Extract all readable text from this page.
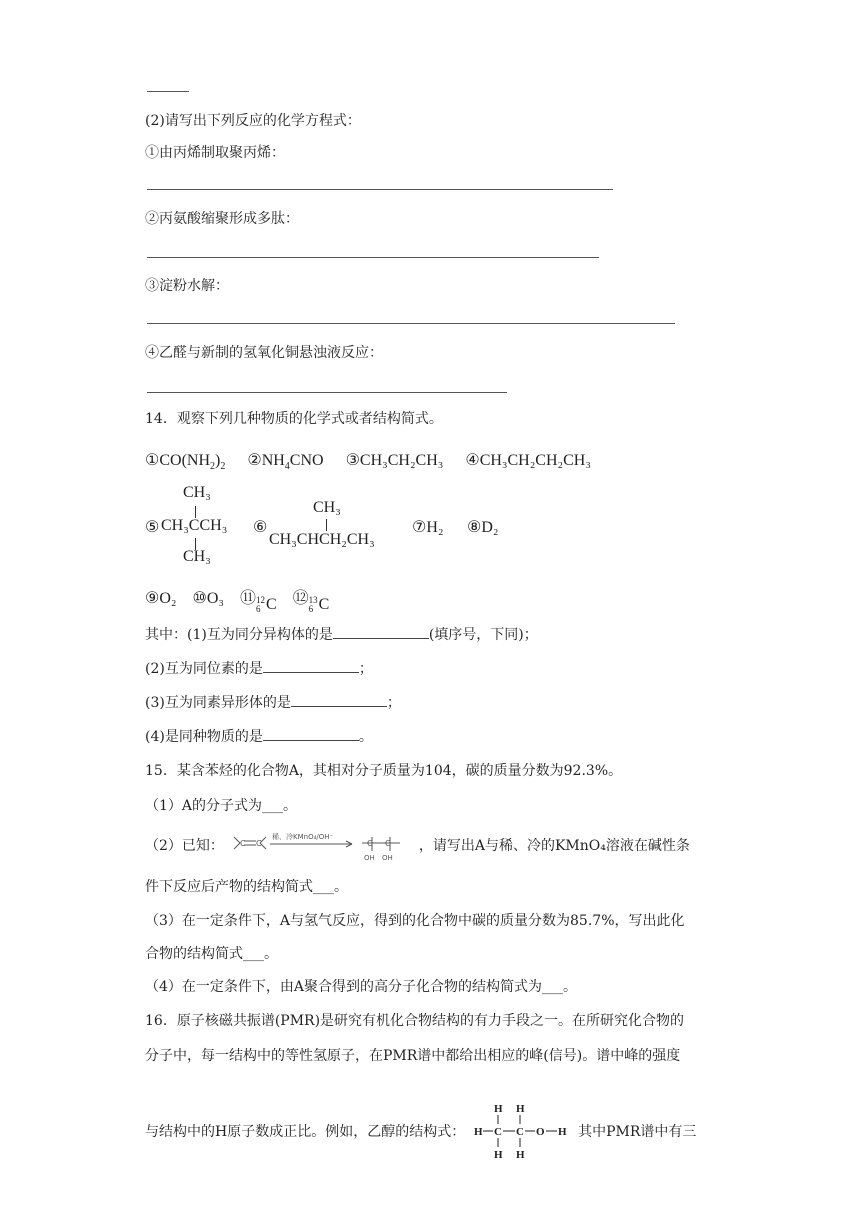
(2)请写出下列反应的化学方程式：
①由丙烯制取聚丙烯：
②丙氨酸缩聚形成多肽：
③淀粉水解：
④乙醛与新制的氢氧化铜悬浊液反应：
14．观察下列几种物质的化学式或者结构简式。
$①CO(NH_2)_2$ $②NH_4CNO$ ③CH₃CH₂CH₃ ④CH₃CH₂CH₂CH₃
CH₃
⑤ CH₃CCH₃
CH₃
⑥
CH₃
CH₃CHCH₂CH₃
⑦H₂ ⑧D₂
⑨O₂ ⑩O₃ ⑪ 12
6 C ⑫ 13
6 C
其中：(1)互为同分异构体的是	(填序号，下同)；
(2)互为同位素的是	；
(3)互为同素异形体的是	；
(4)是同种物质的是	。
15．某含苯烃的化合物A，其相对分子质量为104，碳的质量分数为92.3%。
（1）A的分子式为___。
（2）已知： C C
稀、冷KMnO₄/OH⁻
C C
OH OH
，请写出A与稀、冷的KMnO₄溶液在碱性条
件下反应后产物的结构简式___。
（3）在一定条件下，A与氢气反应，得到的化合物中碳的质量分数为85.7%，写出此化
合物的结构简式___。
（4）在一定条件下，由A聚合得到的高分子化合物的结构简式为___。
16．原子核磁共振谱(PMR)是研究有机化合物结构的有力手段之一。在所研究化合物的
分子中，每一结构中的等性氢原子，在PMR谱中都给出相应的峰(信号)。谱中峰的强度
与结构中的H原子数成正比。例如，乙醇的结构式：
H H
H C C O H
H H
其中PMR谱中有三
